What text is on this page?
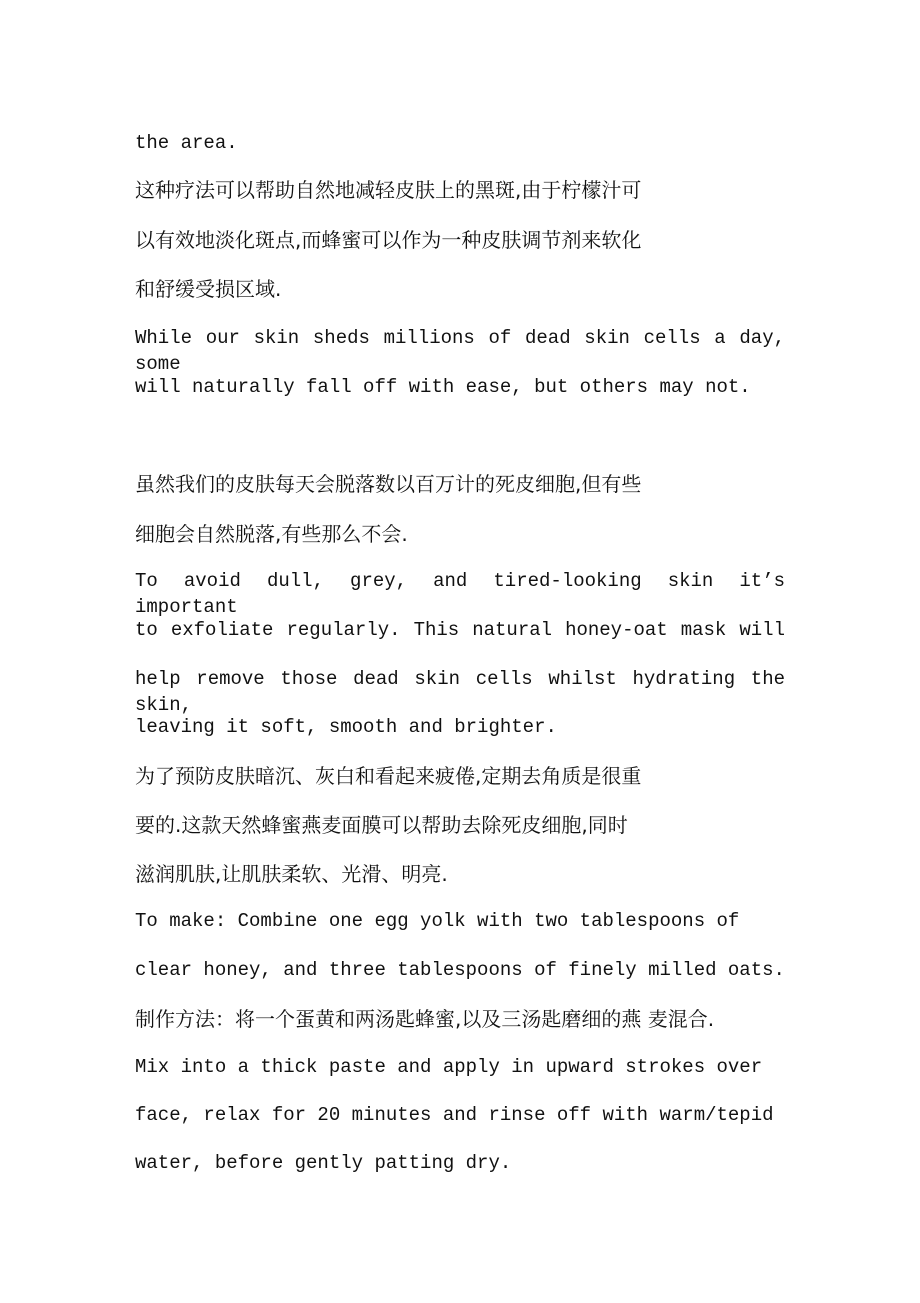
the area.
这种疗法可以帮助自然地减轻皮肤上的黑斑,由于柠檬汁可
以有效地淡化斑点,而蜂蜜可以作为一种皮肤调节剂来软化
和舒缓受损区域.
While our skin sheds millions of dead skin cells a day, some
will naturally fall off with ease, but others may not.
虽然我们的皮肤每天会脱落数以百万计的死皮细胞,但有些
细胞会自然脱落,有些那么不会.
To avoid dull, grey, and tired-looking skin it’s important
to exfoliate regularly. This natural honey-oat mask will
help remove those dead skin cells whilst hydrating the skin,
leaving it soft, smooth and brighter.
为了预防皮肤暗沉、灰白和看起来疲倦,定期去角质是很重
要的.这款天然蜂蜜燕麦面膜可以帮助去除死皮细胞,同时
滋润肌肤,让肌肤柔软、光滑、明亮.
To make: Combine one egg yolk with two tablespoons of
clear honey, and three tablespoons of finely milled oats.
制作方法：将一个蛋黄和两汤匙蜂蜜,以及三汤匙磨细的燕 麦混合.
Mix into a thick paste and apply in upward strokes over
face, relax for 20 minutes and rinse off with warm/tepid
water, before gently patting dry.
